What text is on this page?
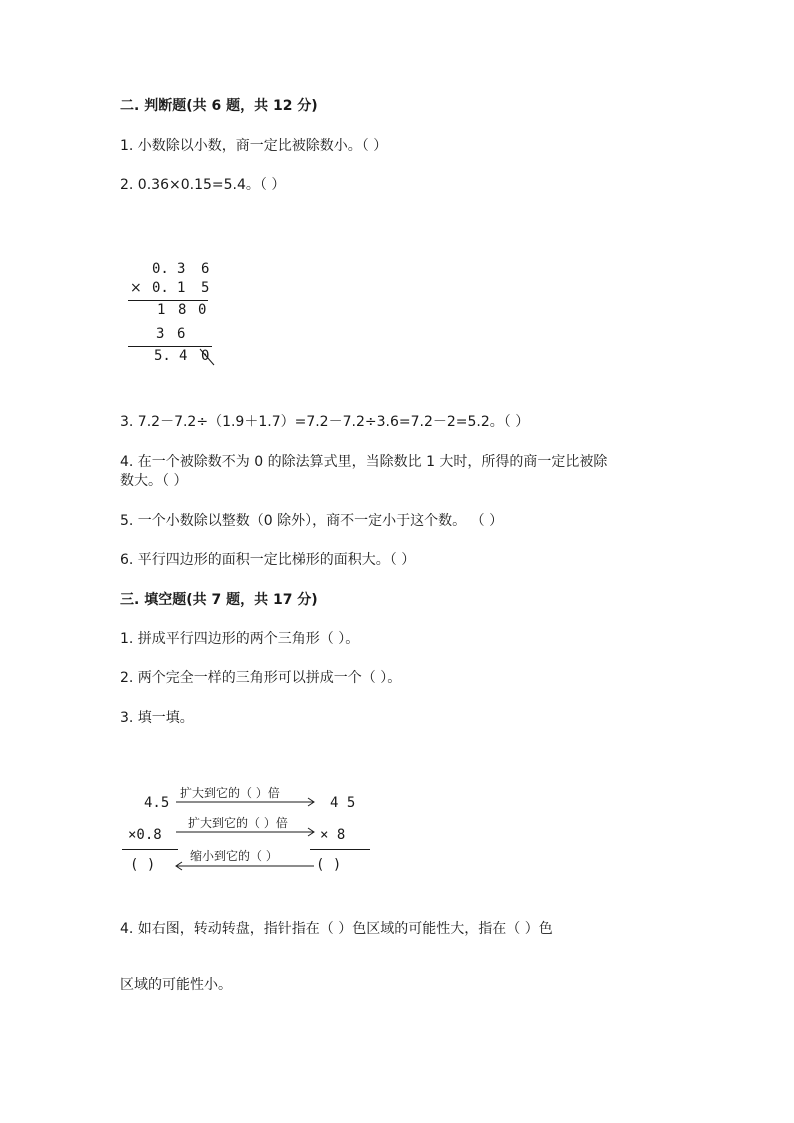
二. 判断题(共 6 题，共 12 分)
1. 小数除以小数，商一定比被除数小。（ ）
2. 0.36×0.15=5.4。（ ）
0. 3 6
× 0. 1 5
1 8 0
3 6
5. 4 0
3. 7.2－7.2÷（1.9＋1.7）=7.2－7.2÷3.6=7.2－2=5.2。（ ）
4. 在一个被除数不为 0 的除法算式里，当除数比 1 大时，所得的商一定比被除
数大。（ ）
5. 一个小数除以整数（0 除外），商不一定小于这个数。 （ ）
6. 平行四边形的面积一定比梯形的面积大。（ ）
三. 填空题(共 7 题，共 17 分)
1. 拼成平行四边形的两个三角形（ ）。
2. 两个完全一样的三角形可以拼成一个（ ）。
3. 填一填。
4.5
×0.8
( )
4 5
× 8
( )
扩大到它的（ ）倍
扩大到它的（ ）倍
缩小到它的（ ）
4. 如右图，转动转盘，指针指在（ ）色区域的可能性大，指在（ ）色
区域的可能性小。
